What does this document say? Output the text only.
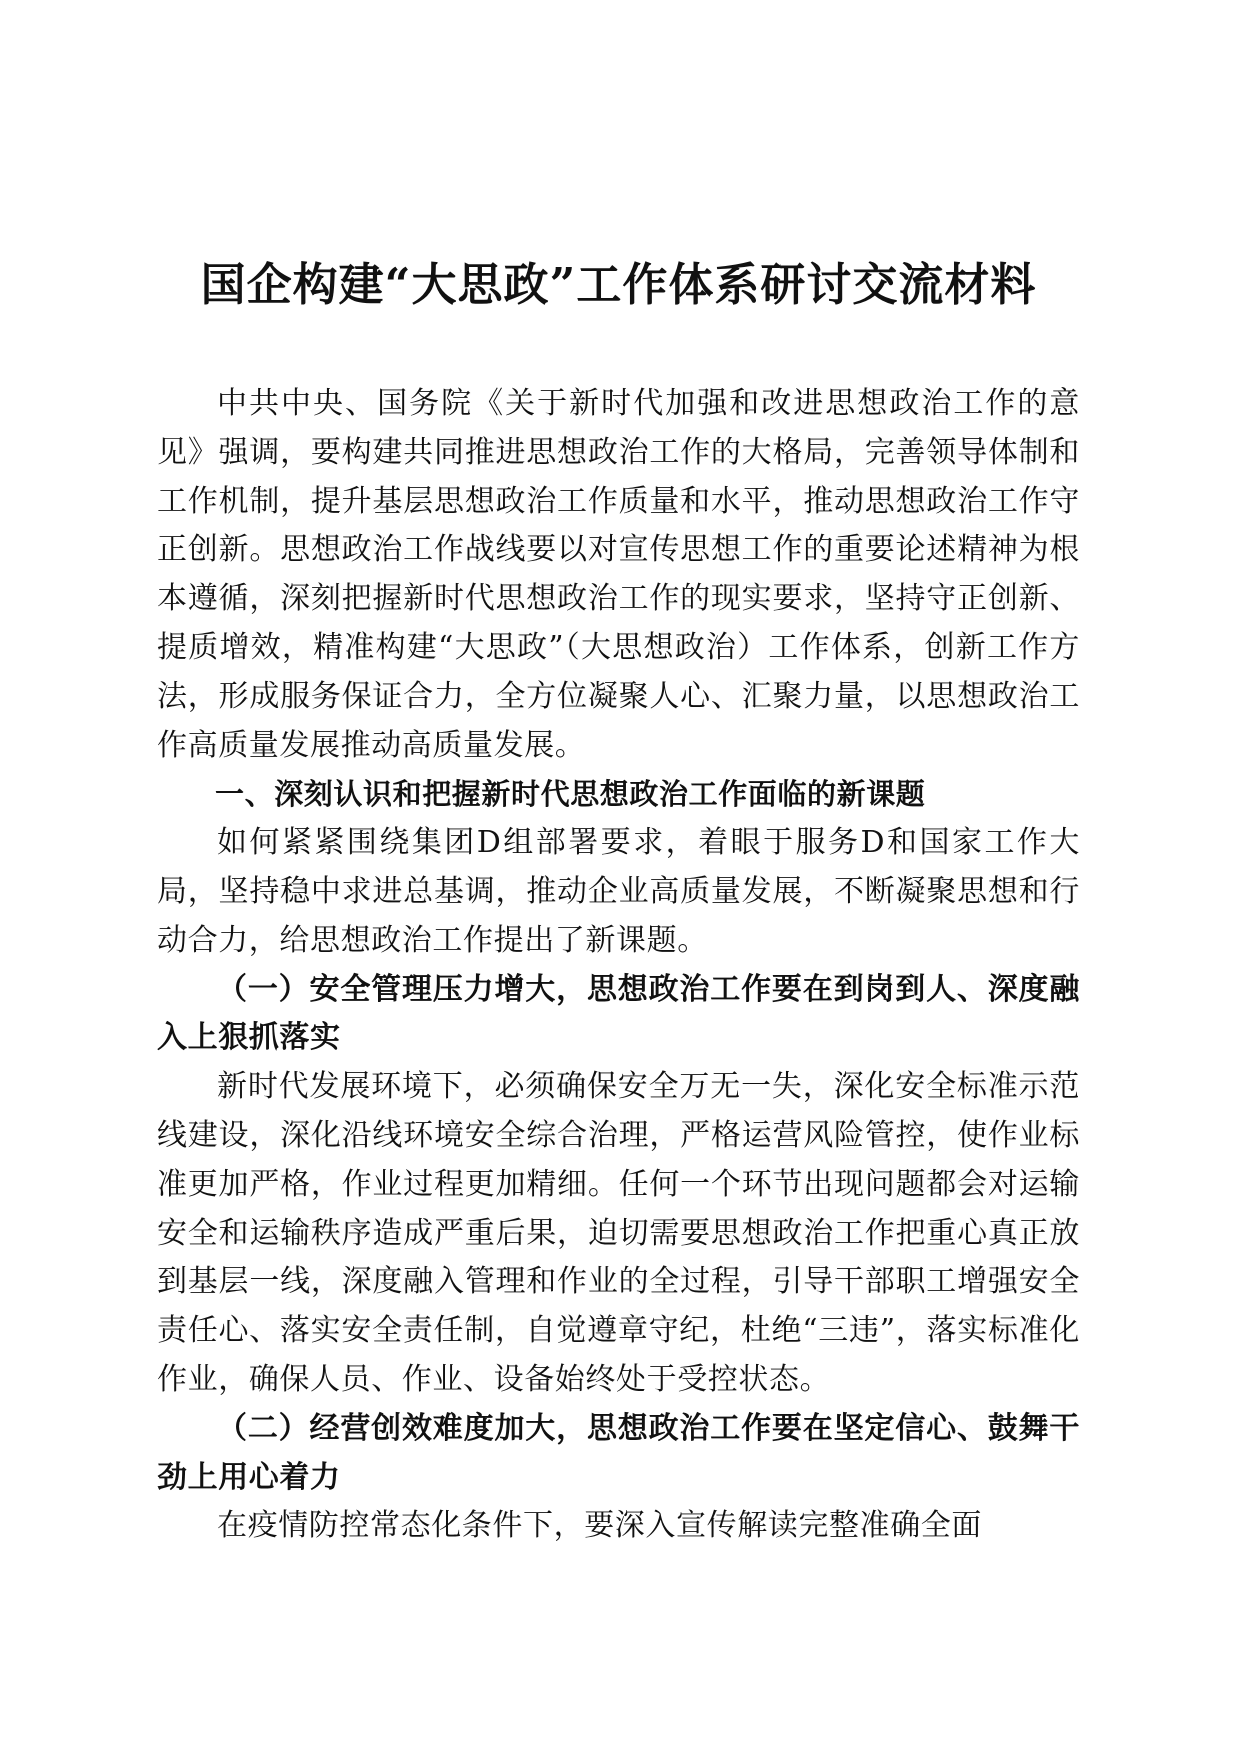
国企构建“大思政”工作体系研讨交流材料

中共中央、国务院《关于新时代加强和改进思想政治工作的意见》强调，要构建共同推进思想政治工作的大格局，完善领导体制和工作机制，提升基层思想政治工作质量和水平，推动思想政治工作守正创新。思想政治工作战线要以对宣传思想工作的重要论述精神为根本遵循，深刻把握新时代思想政治工作的现实要求，坚持守正创新、提质增效，精准构建“大思政”（大思想政治）工作体系，创新工作方法，形成服务保证合力，全方位凝聚人心、汇聚力量，以思想政治工作高质量发展推动高质量发展。

一、深刻认识和把握新时代思想政治工作面临的新课题

如何紧紧围绕集团D组部署要求，着眼于服务D和国家工作大局，坚持稳中求进总基调，推动企业高质量发展，不断凝聚思想和行动合力，给思想政治工作提出了新课题。

（一）安全管理压力增大，思想政治工作要在到岗到人、深度融入上狠抓落实

新时代发展环境下，必须确保安全万无一失，深化安全标准示范线建设，深化沿线环境安全综合治理，严格运营风险管控，使作业标准更加严格，作业过程更加精细。任何一个环节出现问题都会对运输安全和运输秩序造成严重后果，迫切需要思想政治工作把重心真正放到基层一线，深度融入管理和作业的全过程，引导干部职工增强安全责任心、落实安全责任制，自觉遵章守纪，杜绝“三违”，落实标准化作业，确保人员、作业、设备始终处于受控状态。

（二）经营创效难度加大，思想政治工作要在坚定信心、鼓舞干劲上用心着力

在疫情防控常态化条件下，要深入宣传解读完整准确全面
